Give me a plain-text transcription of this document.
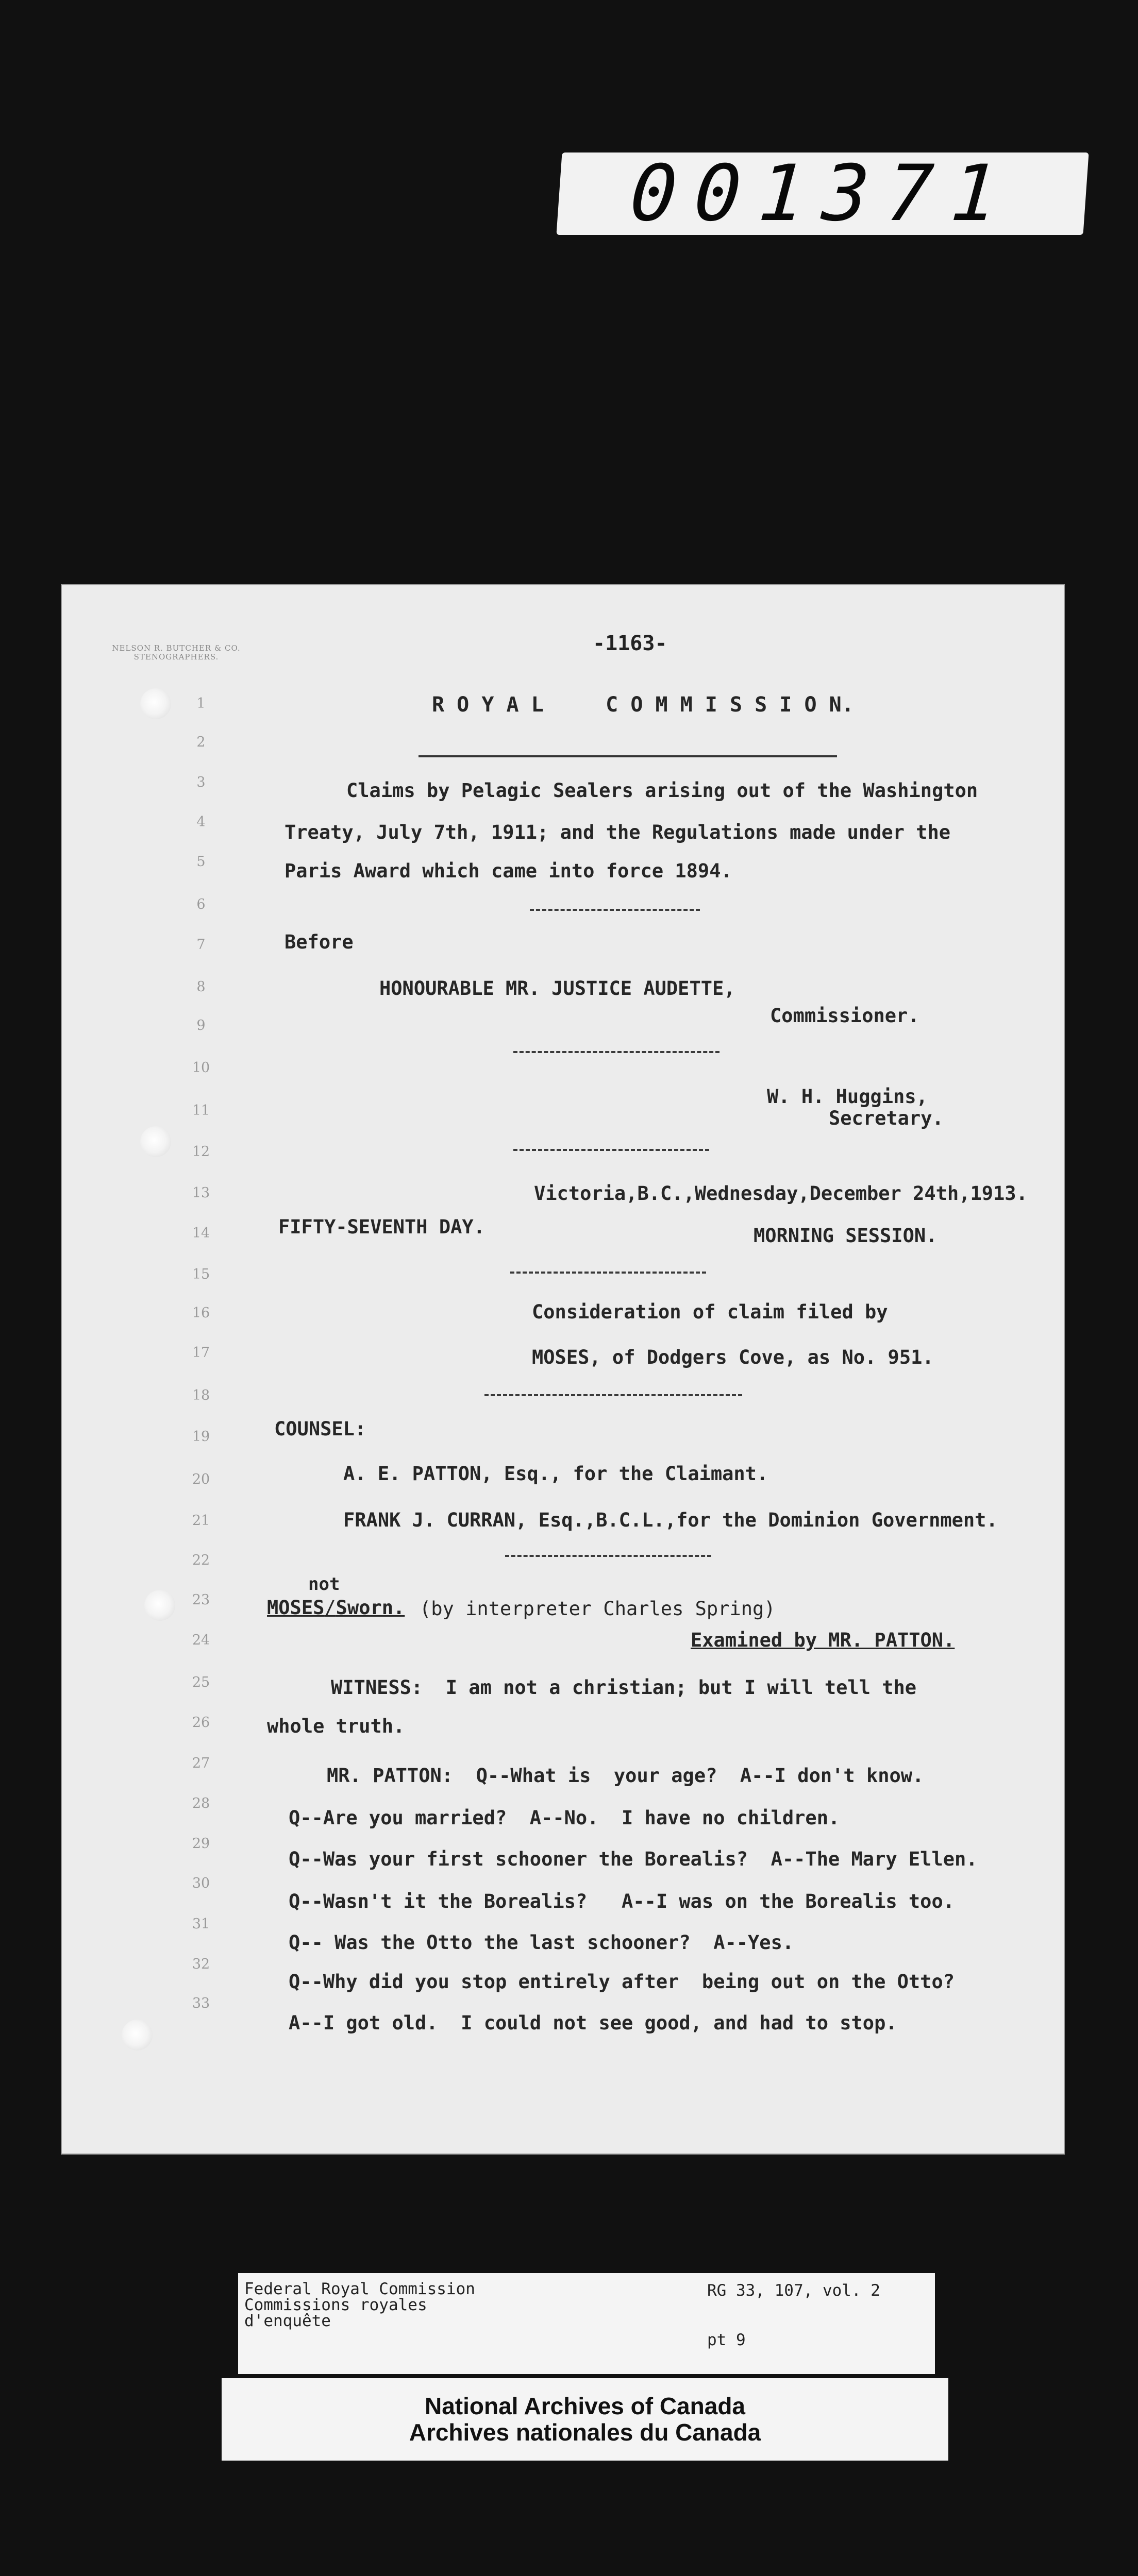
001371
NELSON R. BUTCHER & CO.
STENOGRAPHERS.
-1163-
1
2
3
4
5
6
7
8
9
10
11
12
13
14
15
16
17
18
19
20
21
22
23
24
25
26
27
28
29
30
31
32
33
R O Y A L     C O M M I S S I O N.
Claims by Pelagic Sealers arising out of the Washington
Treaty, July 7th, 1911; and the Regulations made under the
Paris Award which came into force 1894.
Before
HONOURABLE MR. JUSTICE AUDETTE,
Commissioner.
W. H. Huggins,
Secretary.
Victoria,B.C.,Wednesday,December 24th,1913.
FIFTY-SEVENTH DAY.	MORNING SESSION.
Consideration of claim filed by
MOSES, of Dodgers Cove, as No. 951.
COUNSEL:
A. E. PATTON, Esq., for the Claimant.
FRANK J. CURRAN, Esq.,B.C.L.,for the Dominion Government.
not
MOSES/Sworn. (by interpreter Charles Spring)
Examined by MR. PATTON.
WITNESS:  I am not a christian; but I will tell the
whole truth.
MR. PATTON:  Q--What is  your age?  A--I don't know.
Q--Are you married?  A--No.  I have no children.
Q--Was your first schooner the Borealis?  A--The Mary Ellen.
Q--Wasn't it the Borealis?   A--I was on the Borealis too.
Q-- Was the Otto the last schooner?  A--Yes.
Q--Why did you stop entirely after  being out on the Otto?
A--I got old.  I could not see good, and had to stop.
Federal Royal Commission
Commissions royales
d'enquête
RG 33, 107, vol. 2
pt 9
National Archives of Canada
Archives nationales du Canada
